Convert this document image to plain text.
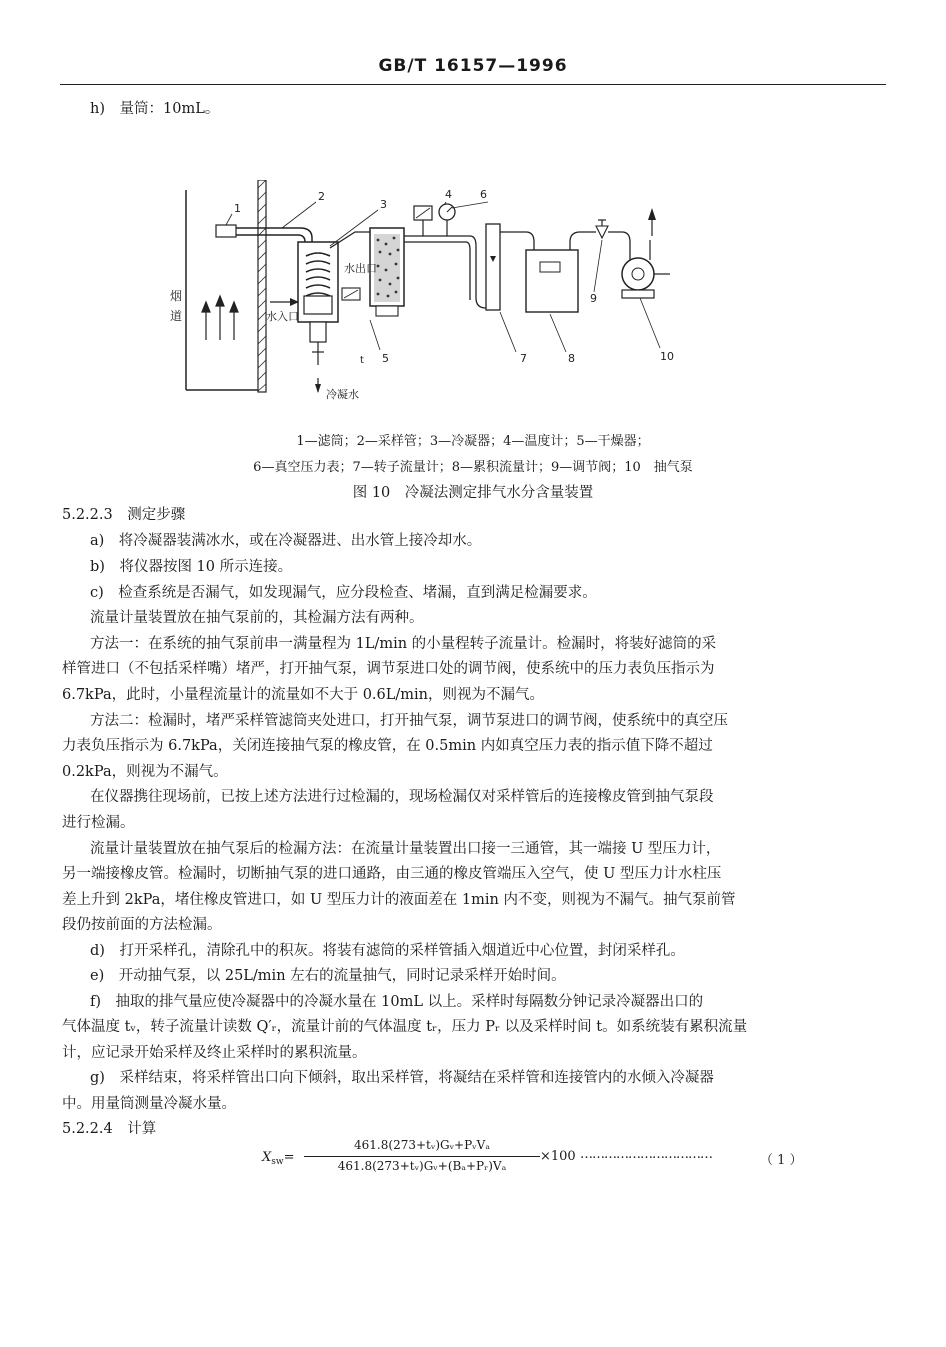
GB/T 16157—1996
h)　量筒：10mL。
1
2
3
4	6
5	7	8
9
10
t
烟
道
水出口
水入口
冷凝水
1—滤筒；2—采样管；3—冷凝器；4—温度计；5—干燥器；
6—真空压力表；7—转子流量计；8—累积流量计；9—调节阀；10　抽气泵
图 10　冷凝法测定排气水分含量装置
5.2.2.3　测定步骤
a)　将冷凝器装满冰水，或在冷凝器进、出水管上接冷却水。
b)　将仪器按图 10 所示连接。
c)　检查系统是否漏气，如发现漏气，应分段检查、堵漏，直到满足检漏要求。
流量计量装置放在抽气泵前的，其检漏方法有两种。
方法一：在系统的抽气泵前串一满量程为 1L/min 的小量程转子流量计。检漏时，将装好滤筒的采
样管进口（不包括采样嘴）堵严，打开抽气泵，调节泵进口处的调节阀，使系统中的压力表负压指示为
6.7kPa，此时，小量程流量计的流量如不大于 0.6L/min，则视为不漏气。
方法二：检漏时，堵严采样管滤筒夹处进口，打开抽气泵，调节泵进口的调节阀，使系统中的真空压
力表负压指示为 6.7kPa，关闭连接抽气泵的橡皮管，在 0.5min 内如真空压力表的指示值下降不超过
0.2kPa，则视为不漏气。
在仪器携往现场前，已按上述方法进行过检漏的，现场检漏仅对采样管后的连接橡皮管到抽气泵段
进行检漏。
流量计量装置放在抽气泵后的检漏方法：在流量计量装置出口接一三通管，其一端接 U 型压力计，
另一端接橡皮管。检漏时，切断抽气泵的进口通路，由三通的橡皮管端压入空气，使 U 型压力计水柱压
差上升到 2kPa，堵住橡皮管进口，如 U 型压力计的液面差在 1min 内不变，则视为不漏气。抽气泵前管
段仍按前面的方法检漏。
d)　打开采样孔，清除孔中的积灰。将装有滤筒的采样管插入烟道近中心位置，封闭采样孔。
e)　开动抽气泵，以 25L/min 左右的流量抽气，同时记录采样开始时间。
f)　抽取的排气量应使冷凝器中的冷凝水量在 10mL 以上。采样时每隔数分钟记录冷凝器出口的
气体温度 tᵥ，转子流量计读数 Q′ᵣ，流量计前的气体温度 tᵣ，压力 Pᵣ 以及采样时间 t。如系统装有累积流量
计，应记录开始采样及终止采样时的累积流量。
g)　采样结束，将采样管出口向下倾斜，取出采样管，将凝结在采样管和连接管内的水倾入冷凝器
中。用量筒测量冷凝水量。
5.2.2.4　计算
$X_{sw}=$
461.8(273+tᵥ)Gᵥ+PᵥVₐ
461.8(273+tᵥ)Gᵥ+(Bₐ+Pᵣ)Vₐ
×100 ……………………………	（ 1 ）
